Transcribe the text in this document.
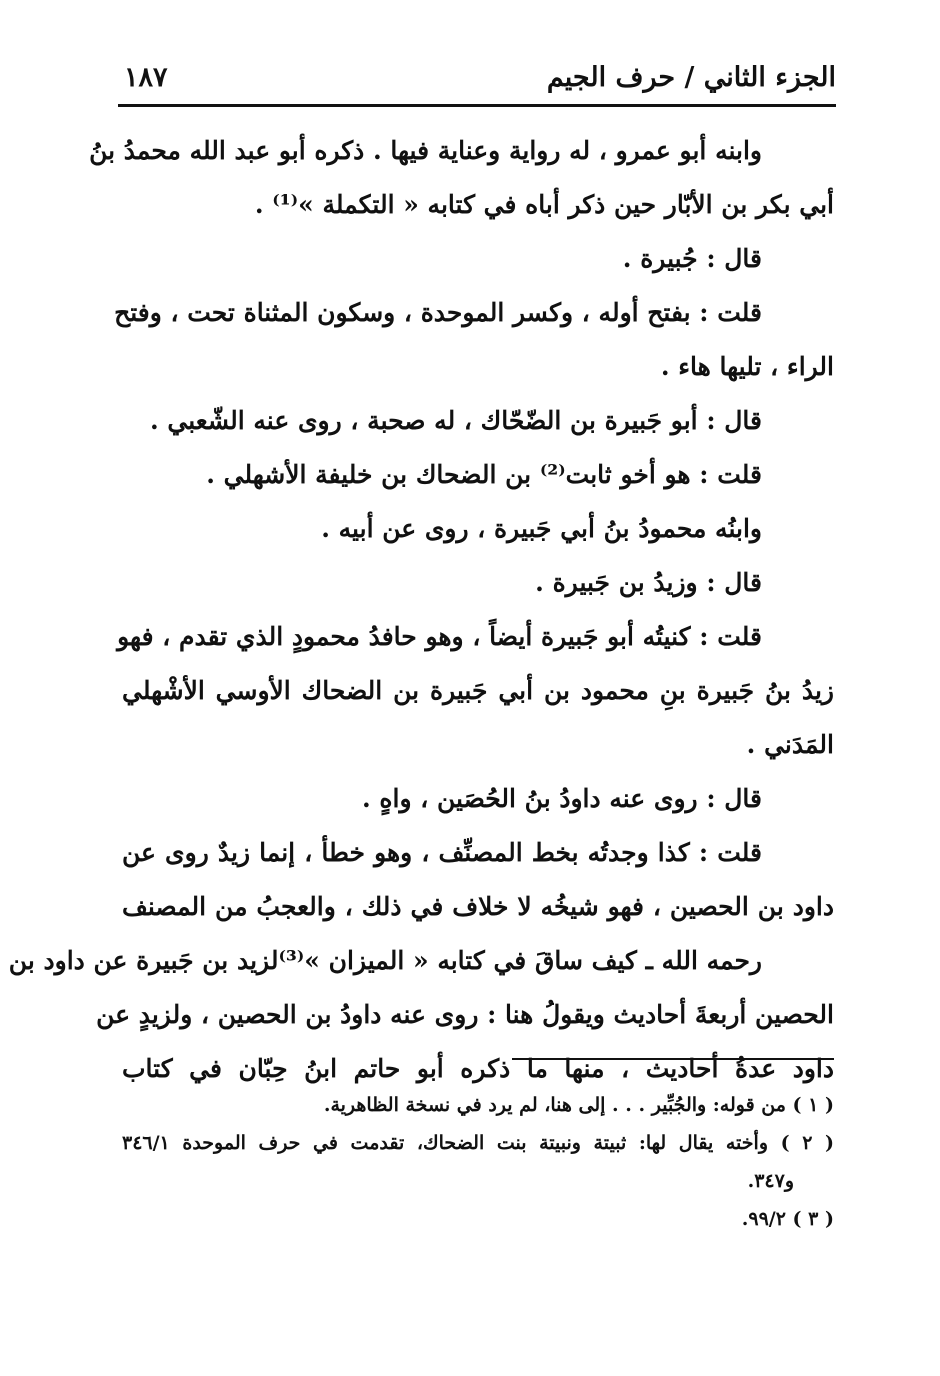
الجزء الثاني / حرف الجيم
١٨٧
وابنه أبو عمرو ، له رواية وعناية فيها . ذكره أبو عبد الله محمدُ بنُ
أبي بكر بن الأبّار حين ذكر أباه في كتابه « التكملة »⁽¹⁾ .
قال : جُبيرة .
قلت : بفتح أوله ، وكسر الموحدة ، وسكون المثناة تحت ، وفتح
الراء ، تليها هاء .
قال : أبو جَبيرة بن الضّحّاك ، له صحبة ، روى عنه الشّعبي .
قلت : هو أخو ثابت⁽²⁾ بن الضحاك بن خليفة الأشهلي .
وابنُه محمودُ بنُ أبي جَبيرة ، روى عن أبيه .
قال : وزيدُ بن جَبيرة .
قلت : كنيتُه أبو جَبيرة أيضاً ، وهو حافدُ محمودٍ الذي تقدم ، فهو
زيدُ بنُ جَبيرة بنِ محمود بن أبي جَبيرة بن الضحاك الأوسي الأشْهلي
المَدَني .
قال : روى عنه داودُ بنُ الحُصَين ، واهٍ .
قلت : كذا وجدتُه بخط المصنِّف ، وهو خطأ ، إنما زيدٌ روى عن
داود بن الحصين ، فهو شيخُه لا خلاف في ذلك ، والعجبُ من المصنف
رحمه الله ـ كيف ساقَ في كتابه « الميزان »⁽³⁾لزيد بن جَبيرة عن داود بن
الحصين أربعةَ أحاديث ويقولُ هنا : روى عنه داودُ بن الحصين ، ولزيدٍ عن
داود عدةُ أحاديث ، منها ما ذكره أبو حاتم ابنُ حِبّان في كتاب
( ١ ) من قوله: والجُبِّير . . . إلى هنا، لم يرد في نسخة الظاهرية.
( ٢ ) وأخته يقال لها: ثبيتة ونبيتة بنت الضحاك، تقدمت في حرف الموحدة ٣٤٦/١
و٣٤٧.
( ٣ ) ٩٩/٢.
